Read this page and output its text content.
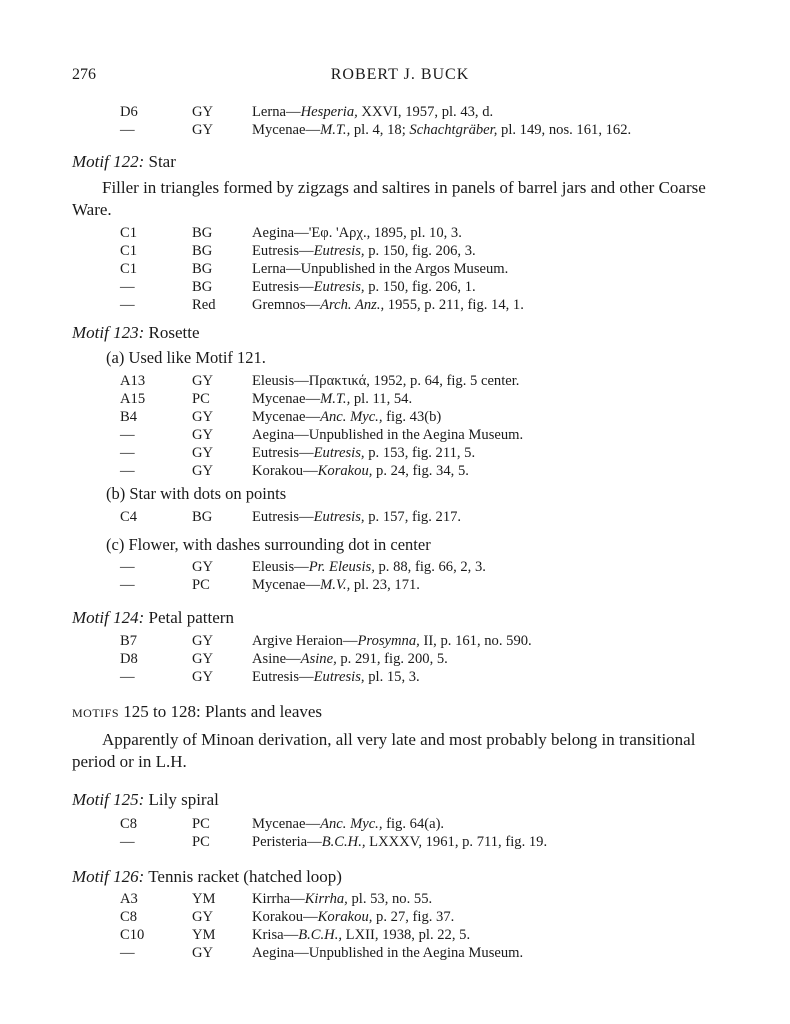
276	ROBERT J. BUCK
D6	GY	Lerna—Hesperia, XXVI, 1957, pl. 43, d.
—	GY	Mycenae—M.T., pl. 4, 18; Schachtgräber, pl. 149, nos. 161, 162.
Motif 122: Star
Filler in triangles formed by zigzags and saltires in panels of barrel jars and other Coarse Ware.
C1	BG	Aegina—'Εφ. 'Αρχ., 1895, pl. 10, 3.
C1	BG	Eutresis—Eutresis, p. 150, fig. 206, 3.
C1	BG	Lerna—Unpublished in the Argos Museum.
—	BG	Eutresis—Eutresis, p. 150, fig. 206, 1.
—	Red	Gremnos—Arch. Anz., 1955, p. 211, fig. 14, 1.
Motif 123: Rosette
(a) Used like Motif 121.
A13	GY	Eleusis—Πρακτικά, 1952, p. 64, fig. 5 center.
A15	PC	Mycenae—M.T., pl. 11, 54.
B4	GY	Mycenae—Anc. Myc., fig. 43(b)
—	GY	Aegina—Unpublished in the Aegina Museum.
—	GY	Eutresis—Eutresis, p. 153, fig. 211, 5.
—	GY	Korakou—Korakou, p. 24, fig. 34, 5.
(b) Star with dots on points
C4	BG	Eutresis—Eutresis, p. 157, fig. 217.
(c) Flower, with dashes surrounding dot in center
—	GY	Eleusis—Pr. Eleusis, p. 88, fig. 66, 2, 3.
—	PC	Mycenae—M.V., pl. 23, 171.
Motif 124: Petal pattern
B7	GY	Argive Heraion—Prosymna, II, p. 161, no. 590.
D8	GY	Asine—Asine, p. 291, fig. 200, 5.
—	GY	Eutresis—Eutresis, pl. 15, 3.
motifs 125 to 128: Plants and leaves
Apparently of Minoan derivation, all very late and most probably belong in transitional period or in L.H.
Motif 125: Lily spiral
C8	PC	Mycenae—Anc. Myc., fig. 64(a).
—	PC	Peristeria—B.C.H., LXXXV, 1961, p. 711, fig. 19.
Motif 126: Tennis racket (hatched loop)
A3	YM	Kirrha—Kirrha, pl. 53, no. 55.
C8	GY	Korakou—Korakou, p. 27, fig. 37.
C10	YM	Krisa—B.C.H., LXII, 1938, pl. 22, 5.
—	GY	Aegina—Unpublished in the Aegina Museum.
